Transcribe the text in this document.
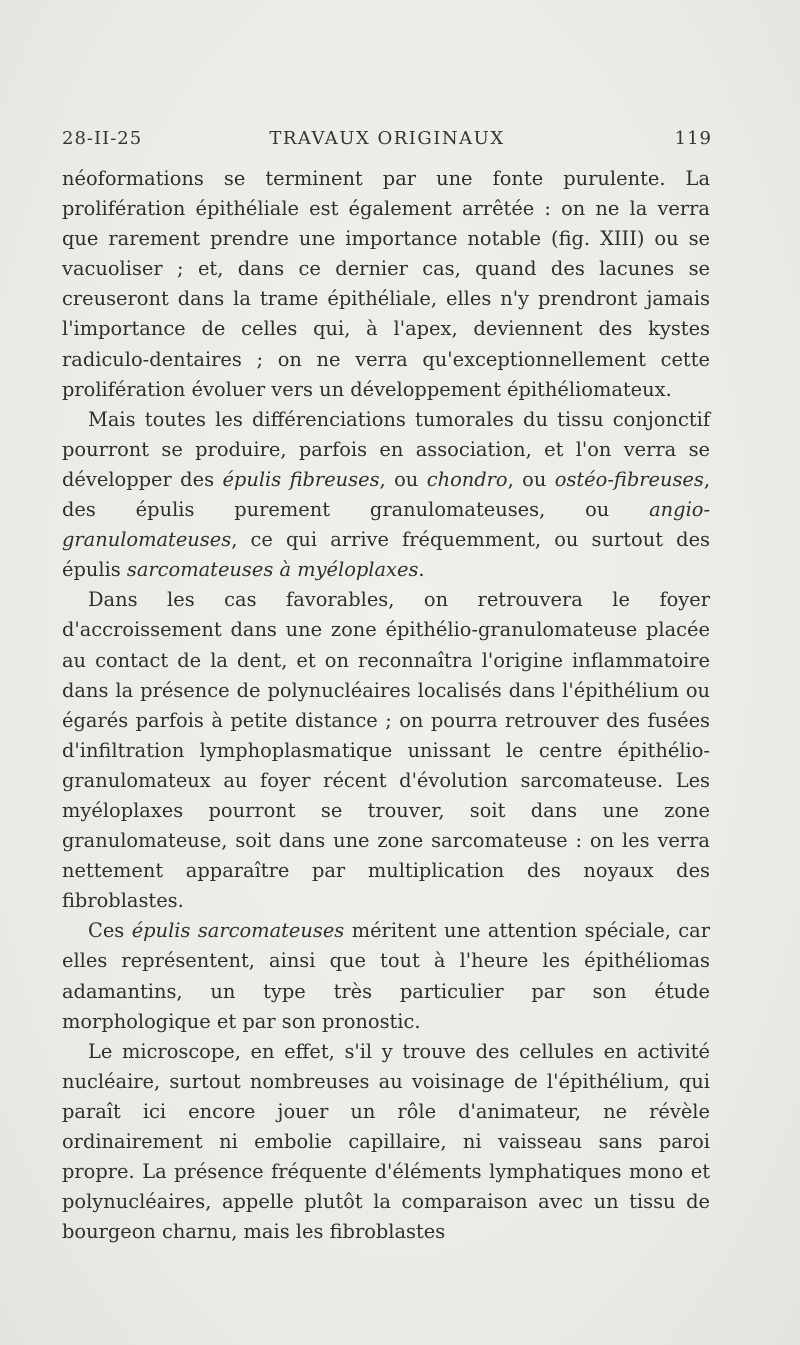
28-II-25	TRAVAUX ORIGINAUX	119

néoformations se terminent par une fonte purulente. La prolifération épithéliale est également arrêtée : on ne la verra que rarement prendre une importance notable (fig. XIII) ou se vacuoliser ; et, dans ce dernier cas, quand des lacunes se creuseront dans la trame épithéliale, elles n'y prendront jamais l'importance de celles qui, à l'apex, deviennent des kystes radiculo-dentaires ; on ne verra qu'exceptionnellement cette prolifération évoluer vers un développement épithéliomateux.

Mais toutes les différenciations tumorales du tissu conjonctif pourront se produire, parfois en association, et l'on verra se développer des épulis fibreuses, ou chondro, ou ostéo-fibreuses, des épulis purement granulomateuses, ou angio-granulomateuses, ce qui arrive fréquemment, ou surtout des épulis sarcomateuses à myéloplaxes.

Dans les cas favorables, on retrouvera le foyer d'accroissement dans une zone épithélio-granulomateuse placée au contact de la dent, et on reconnaîtra l'origine inflammatoire dans la présence de polynucléaires localisés dans l'épithélium ou égarés parfois à petite distance ; on pourra retrouver des fusées d'infiltration lymphoplasmatique unissant le centre épithélio-granulomateux au foyer récent d'évolution sarcomateuse. Les myéloplaxes pourront se trouver, soit dans une zone granulomateuse, soit dans une zone sarcomateuse : on les verra nettement apparaître par multiplication des noyaux des fibroblastes.

Ces épulis sarcomateuses méritent une attention spéciale, car elles représentent, ainsi que tout à l'heure les épithéliomas adamantins, un type très particulier par son étude morphologique et par son pronostic.

Le microscope, en effet, s'il y trouve des cellules en activité nucléaire, surtout nombreuses au voisinage de l'épithélium, qui paraît ici encore jouer un rôle d'animateur, ne révèle ordinairement ni embolie capillaire, ni vaisseau sans paroi propre. La présence fréquente d'éléments lymphatiques mono et polynucléaires, appelle plutôt la comparaison avec un tissu de bourgeon charnu, mais les fibroblastes
